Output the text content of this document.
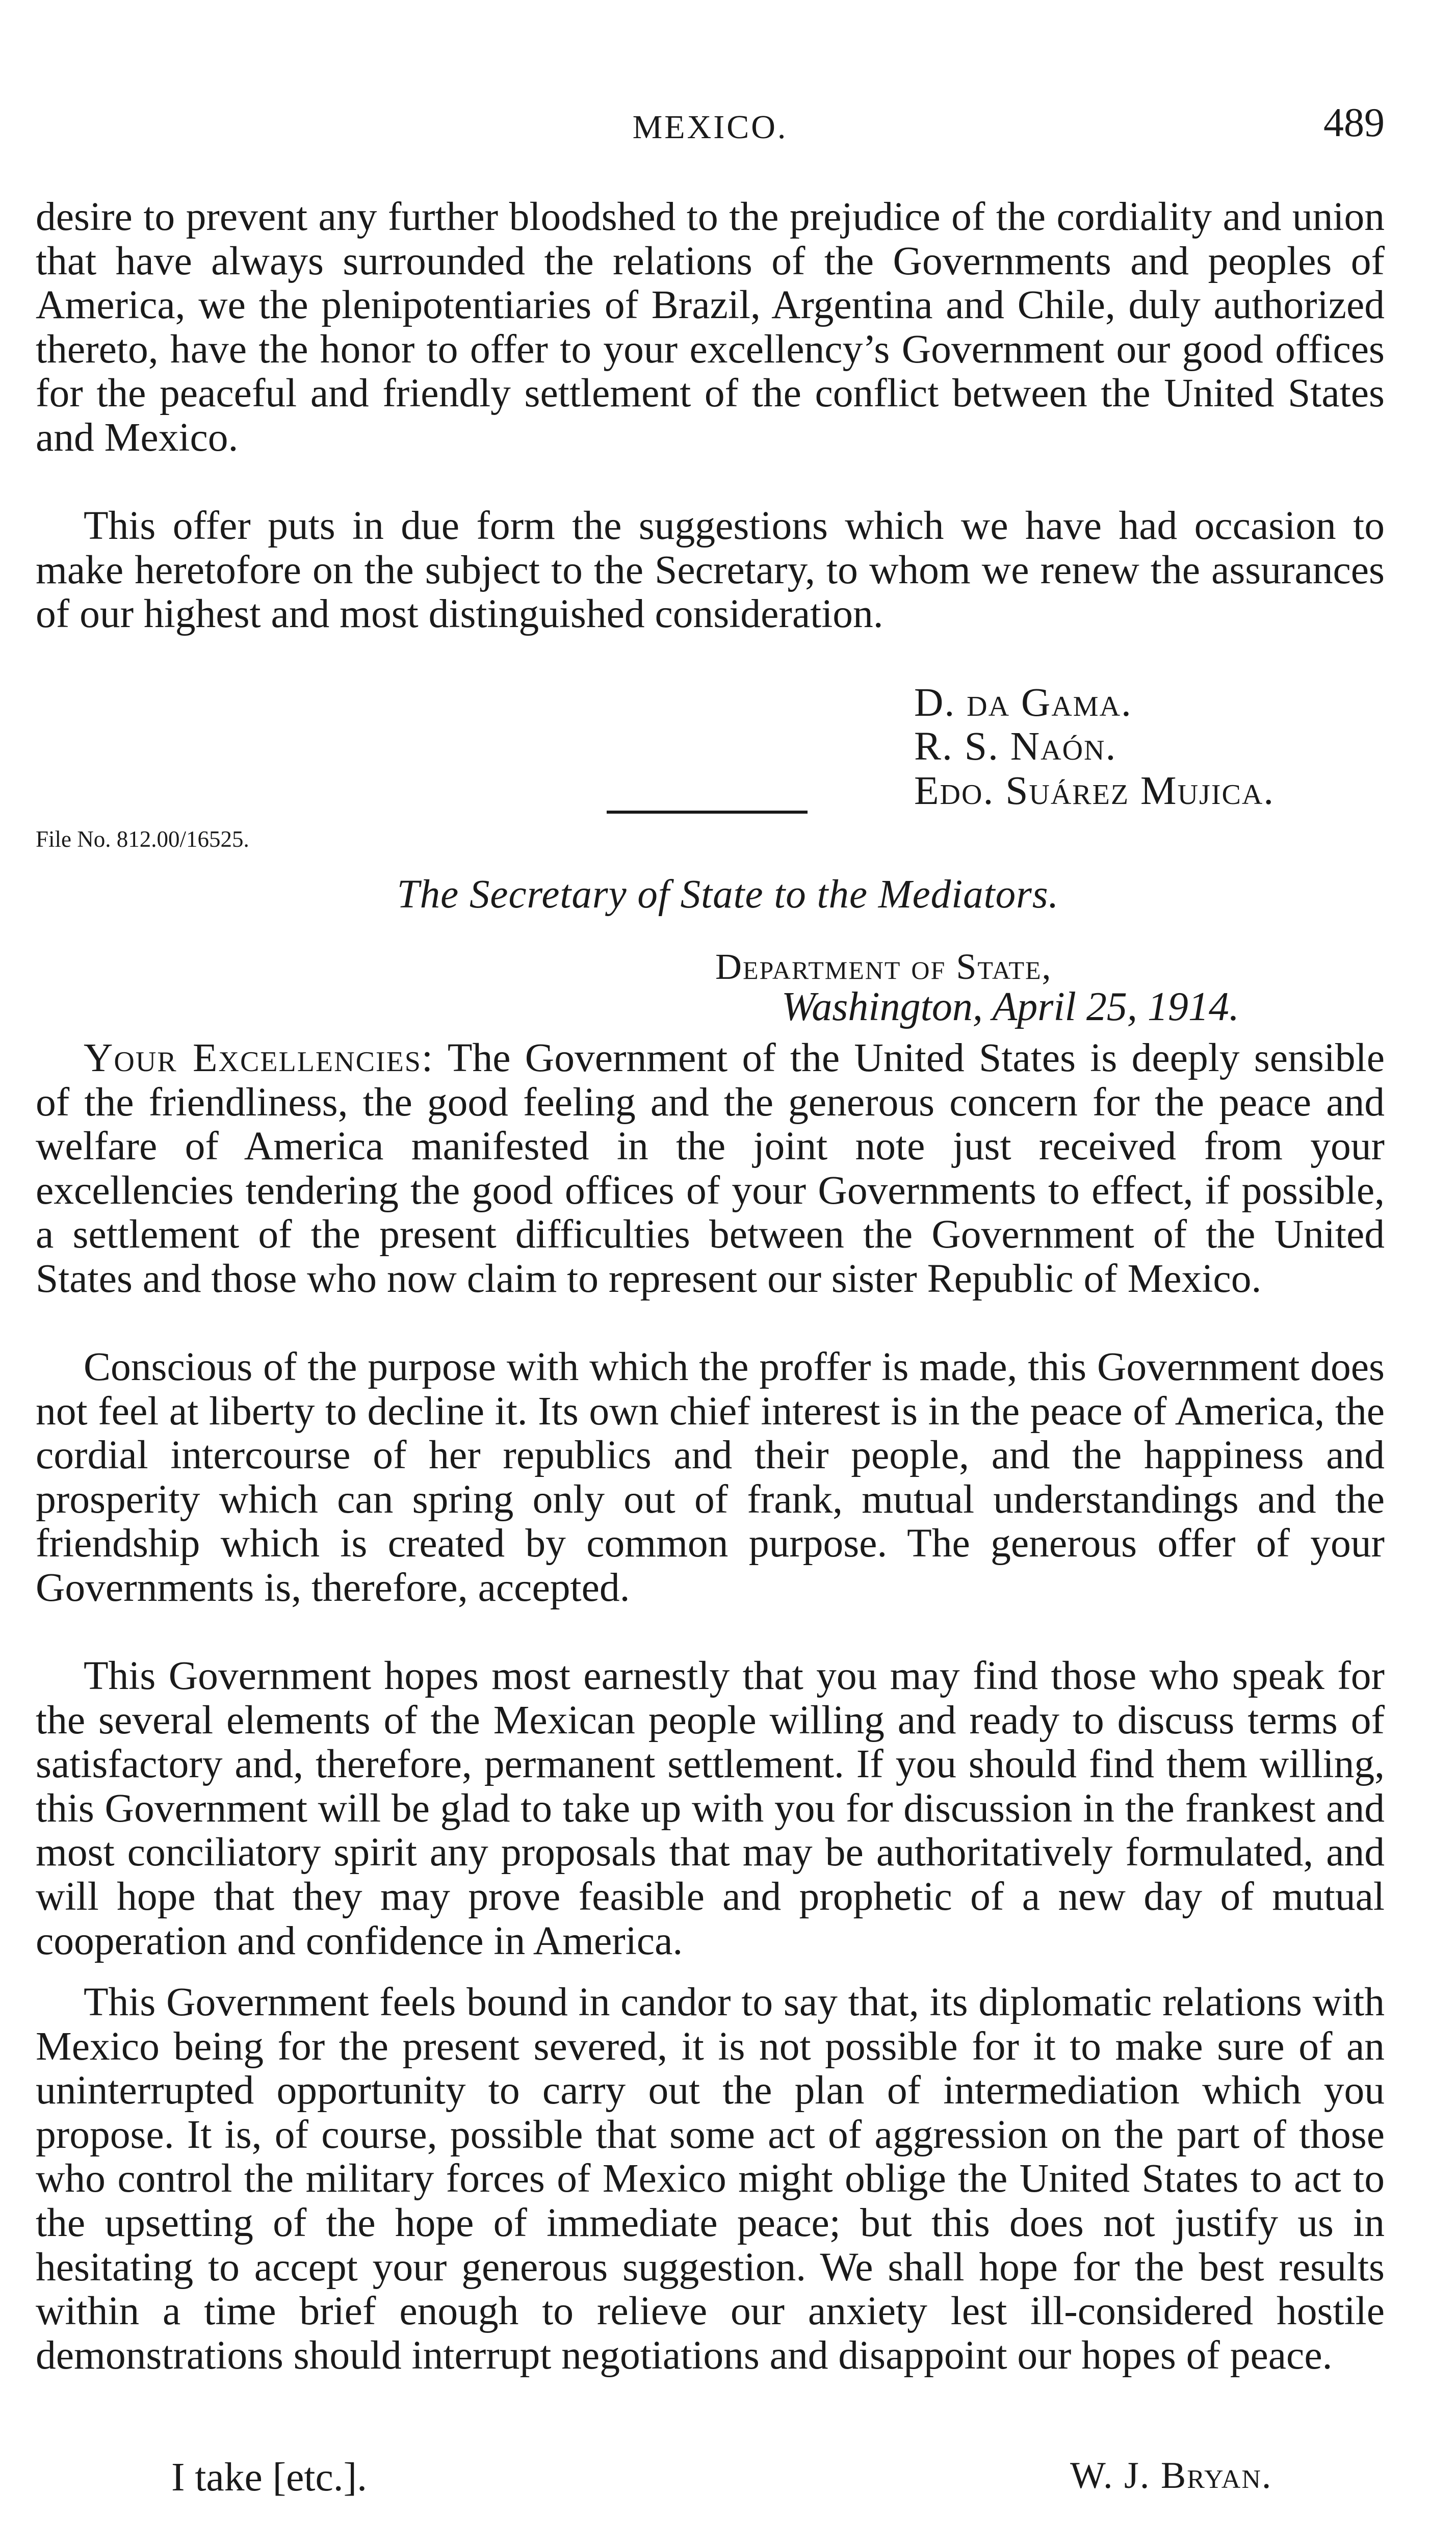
MEXICO.	489

desire to prevent any further bloodshed to the prejudice of the cordiality and union that have always surrounded the relations of the Governments and peoples of America, we the plenipotentiaries of Brazil, Argentina and Chile, duly authorized thereto, have the honor to offer to your excellency’s Government our good offices for the peaceful and friendly settlement of the conflict between the United States and Mexico.

This offer puts in due form the suggestions which we have had occasion to make heretofore on the subject to the Secretary, to whom we renew the assurances of our highest and most distinguished consideration.

D. da Gama.
R. S. Naón.
Edo. Suárez Mujica.
File No. 812.00/16525.
The Secretary of State to the Mediators.
Department of State,
Washington, April 25, 1914.

Your Excellencies: The Government of the United States is deeply sensible of the friendliness, the good feeling and the generous concern for the peace and welfare of America manifested in the joint note just received from your excellencies tendering the good offices of your Governments to effect, if possible, a settlement of the present difficulties between the Government of the United States and those who now claim to represent our sister Republic of Mexico.

Conscious of the purpose with which the proffer is made, this Government does not feel at liberty to decline it. Its own chief interest is in the peace of America, the cordial intercourse of her republics and their people, and the happiness and prosperity which can spring only out of frank, mutual understandings and the friendship which is created by common purpose. The generous offer of your Governments is, therefore, accepted.

This Government hopes most earnestly that you may find those who speak for the several elements of the Mexican people willing and ready to discuss terms of satisfactory and, therefore, permanent settlement. If you should find them willing, this Government will be glad to take up with you for discussion in the frankest and most conciliatory spirit any proposals that may be authoritatively formulated, and will hope that they may prove feasible and prophetic of a new day of mutual cooperation and confidence in America.

This Government feels bound in candor to say that, its diplomatic relations with Mexico being for the present severed, it is not possible for it to make sure of an uninterrupted opportunity to carry out the plan of intermediation which you propose. It is, of course, possible that some act of aggression on the part of those who control the military forces of Mexico might oblige the United States to act to the upsetting of the hope of immediate peace; but this does not justify us in hesitating to accept your generous suggestion. We shall hope for the best results within a time brief enough to relieve our anxiety lest ill-considered hostile demonstrations should interrupt negotiations and disappoint our hopes of peace.

I take [etc.].	W. J. Bryan.
